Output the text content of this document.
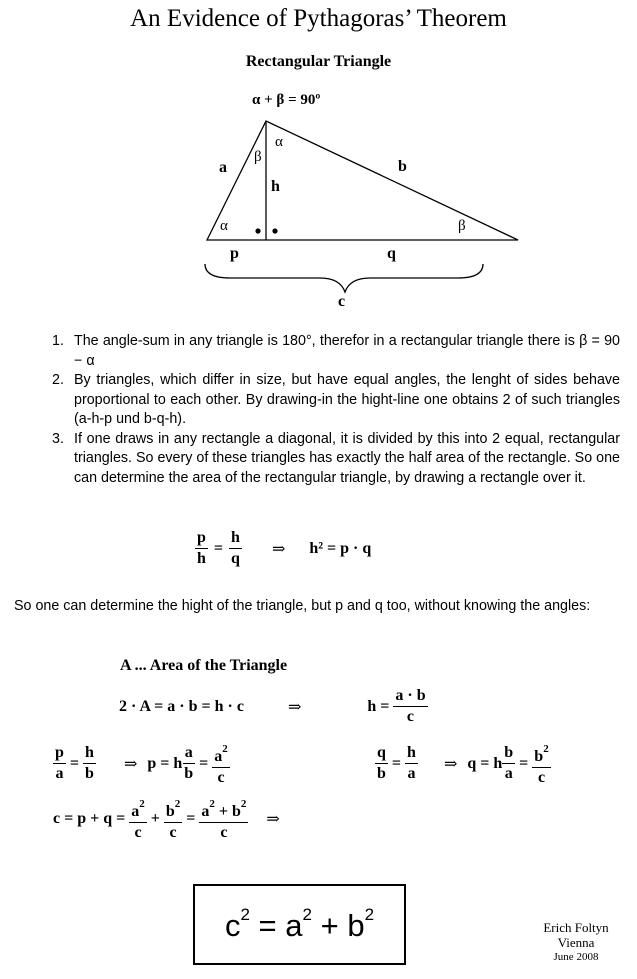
An Evidence of Pythagoras’ Theorem
Rectangular Triangle
α + β = 90º
a	b
h
p	q
c
α
β
α	β
1. The angle-sum in any triangle is 180°, therefor in a rectangular triangle there is β = 90 − α
2. By triangles, which differ in size, but have equal angles, the lenght of sides behave proportional to each other. By drawing-in the hight-line one obtains 2 of such triangles (a-h-p und b-q-h).
3. If one draws in any rectangle a diagonal, it is divided by this into 2 equal, rectangular triangles. So every of these triangles has exactly the half area of the rectangle. So one can determine the area of the rectangular triangle, by drawing a rectangle over it.
$\frac{p}{h} = \frac{h}{q}$ ⇒ h² = p · q
So one can determine the hight of the triangle, but p and q too, without knowing the angles:
A ... Area of the Triangle
2 · A = a · b = h · c	⇒	$h = \frac{a \cdot b}{c}$
$\frac{p}{a} = \frac{h}{b}$ ⇒ p = h $\frac{a}{b} = \frac{a^2}{c}$	$\frac{q}{b} = \frac{h}{a}$ ⇒ q = h $\frac{b}{a} = \frac{b^2}{c}$
$c = p + q = \frac{a^2}{c} + \frac{b^2}{c} = \frac{a^2 + b^2}{c}$ ⇒
$c^2 = a^2 + b^2$
Erich Foltyn
Vienna
June 2008
